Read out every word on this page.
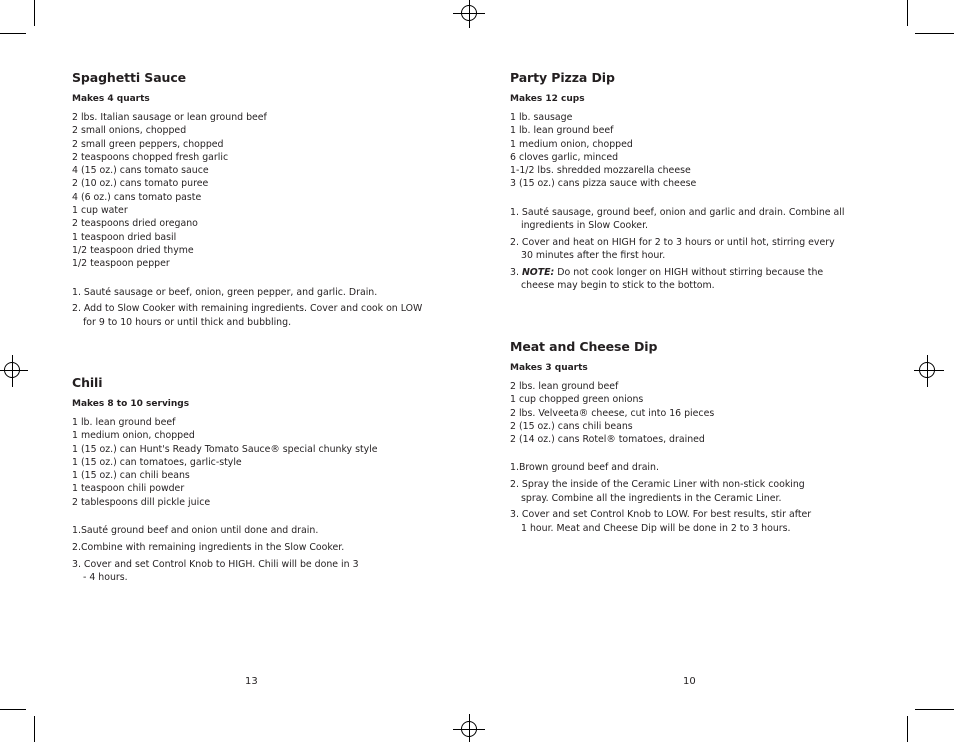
Spaghetti Sauce
Makes 4 quarts
2 lbs. Italian sausage or lean ground beef
2 small onions, chopped
2 small green peppers, chopped
2 teaspoons chopped fresh garlic
4 (15 oz.) cans tomato sauce
2 (10 oz.) cans tomato puree
4 (6 oz.) cans tomato paste
1 cup water
2 teaspoons dried oregano
1 teaspoon dried basil
1/2 teaspoon dried thyme
1/2 teaspoon pepper
1. Sauté sausage or beef, onion, green pepper, and garlic. Drain.
2. Add to Slow Cooker with remaining ingredients. Cover and cook on LOW for 9 to 10 hours or until thick and bubbling.
Chili
Makes 8 to 10 servings
1 lb. lean ground beef
1 medium onion, chopped
1 (15 oz.) can Hunt's Ready Tomato Sauce® special chunky style
1 (15 oz.) can tomatoes, garlic-style
1 (15 oz.) can chili beans
1 teaspoon chili powder
2 tablespoons dill pickle juice
1.Sauté ground beef and onion until done and drain.
2.Combine with remaining ingredients in the Slow Cooker.
3. Cover and set Control Knob to HIGH. Chili will be done in 3 - 4 hours.
13
Party Pizza Dip
Makes 12 cups
1 lb. sausage
1 lb. lean ground beef
1 medium onion, chopped
6 cloves garlic, minced
1-1/2 lbs. shredded mozzarella cheese
3 (15 oz.) cans pizza sauce with cheese
1. Sauté sausage, ground beef, onion and garlic and drain. Combine all ingredients in Slow Cooker.
2. Cover and heat on HIGH for 2 to 3 hours or until hot, stirring every 30 minutes after the first hour.
3. NOTE: Do not cook longer on HIGH without stirring because the cheese may begin to stick to the bottom.
Meat and Cheese Dip
Makes 3 quarts
2 lbs. lean ground beef
1 cup chopped green onions
2 lbs. Velveeta® cheese, cut into 16 pieces
2 (15 oz.) cans chili beans
2 (14 oz.) cans Rotel® tomatoes, drained
1.Brown ground beef and drain.
2. Spray the inside of the Ceramic Liner with non-stick cooking spray. Combine all the ingredients in the Ceramic Liner.
3. Cover and set Control Knob to LOW. For best results, stir after 1 hour. Meat and Cheese Dip will be done in 2 to 3 hours.
10
